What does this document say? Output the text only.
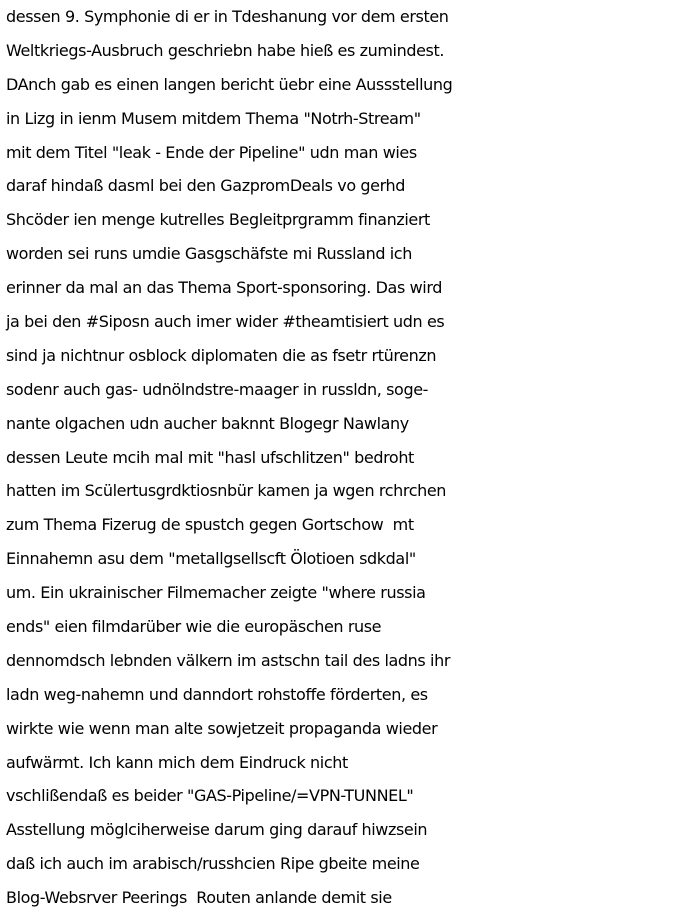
dessen 9. Symphonie di er in Tdeshanung vor dem ersten
Weltkriegs-Ausbruch geschriebn habe hieß es zumindest.
DAnch gab es einen langen bericht üebr eine Aussstellung
in Lizg in ienm Musem mitdem Thema "Notrh-Stream"
mit dem Titel "leak - Ende der Pipeline" udn man wies
daraf hindaß dasml bei den GazpromDeals vo gerhd
Shcöder ien menge kutrelles Begleitprgramm finanziert
worden sei runs umdie Gasgschäfste mi Russland ich
erinner da mal an das Thema Sport-sponsoring. Das wird
ja bei den #Siposn auch imer wider #theamtisiert udn es
sind ja nichtnur osblock diplomaten die as fsetr rtürenzn
sodenr auch gas- udnölndstre-maager in russldn, soge-
nante olgachen udn aucher baknnt Blogegr Nawlany
dessen Leute mcih mal mit "hasl ufschlitzen" bedroht
hatten im Scülertusgrdktiosnbür kamen ja wgen rchrchen
zum Thema Fizerug de spustch gegen Gortschow  mt
Einnahemn asu dem "metallgsellscft Ölotioen sdkdal"
um. Ein ukrainischer Filmemacher zeigte "where russia
ends" eien filmdarüber wie die europäschen ruse
dennomdsch lebnden välkern im astschn tail des ladns ihr
ladn weg-nahemn und danndort rohstoffe förderten, es
wirkte wie wenn man alte sowjetzeit propaganda wieder
aufwärmt. Ich kann mich dem Eindruck nicht
vschlißendaß es beider "GAS-Pipeline/=VPN-TUNNEL"
Asstellung möglciherweise darum ging darauf hiwzsein
daß ich auch im arabisch/russhcien Ripe gbeite meine
Blog-Websrver Peerings  Routen anlande demit sie
